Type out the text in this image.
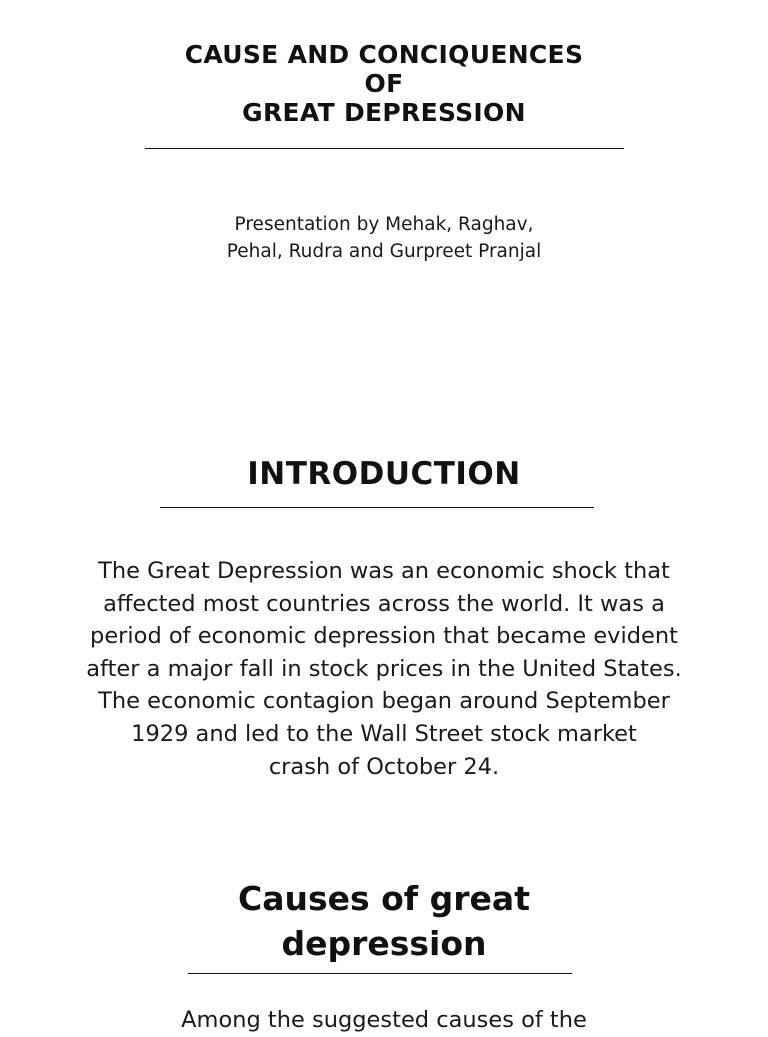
CAUSE AND CONCIQUENCES
OF
GREAT DEPRESSION
Presentation by Mehak, Raghav,
Pehal, Rudra and Gurpreet Pranjal
INTRODUCTION
The Great Depression was an economic shock that
affected most countries across the world. It was a
period of economic depression that became evident
after a major fall in stock prices in the United States.
The economic contagion began around September
1929 and led to the Wall Street stock market
crash of October 24.
Causes of great
depression
Among the suggested causes of the
